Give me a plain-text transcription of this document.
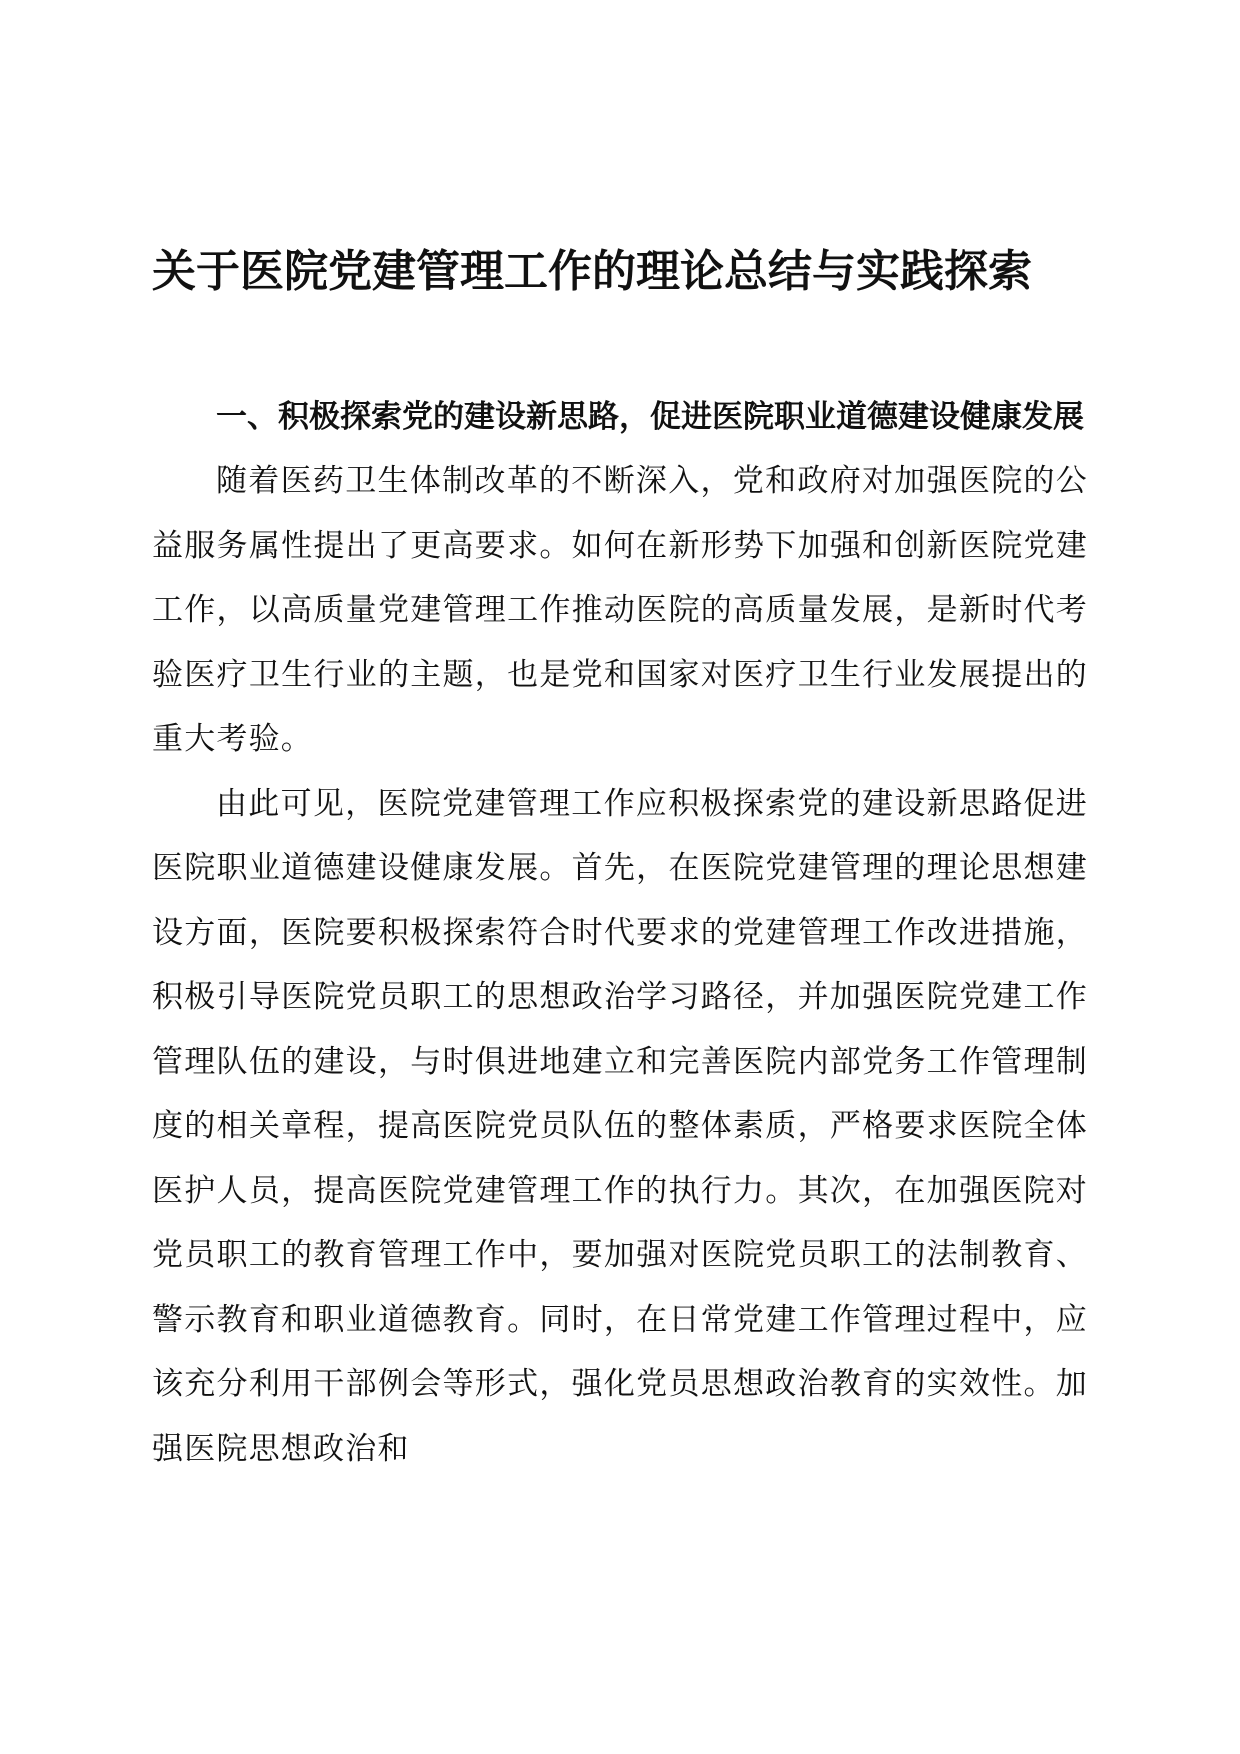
关于医院党建管理工作的理论总结与实践探索

一、积极探索党的建设新思路，促进医院职业道德建设健康发展

随着医药卫生体制改革的不断深入，党和政府对加强医院的公益服务属性提出了更高要求。如何在新形势下加强和创新医院党建工作，以高质量党建管理工作推动医院的高质量发展，是新时代考验医疗卫生行业的主题，也是党和国家对医疗卫生行业发展提出的重大考验。

由此可见，医院党建管理工作应积极探索党的建设新思路促进医院职业道德建设健康发展。首先，在医院党建管理的理论思想建设方面，医院要积极探索符合时代要求的党建管理工作改进措施，积极引导医院党员职工的思想政治学习路径，并加强医院党建工作管理队伍的建设，与时俱进地建立和完善医院内部党务工作管理制度的相关章程，提高医院党员队伍的整体素质，严格要求医院全体医护人员，提高医院党建管理工作的执行力。其次，在加强医院对党员职工的教育管理工作中，要加强对医院党员职工的法制教育、警示教育和职业道德教育。同时，在日常党建工作管理过程中，应该充分利用干部例会等形式，强化党员思想政治教育的实效性。加强医院思想政治和
